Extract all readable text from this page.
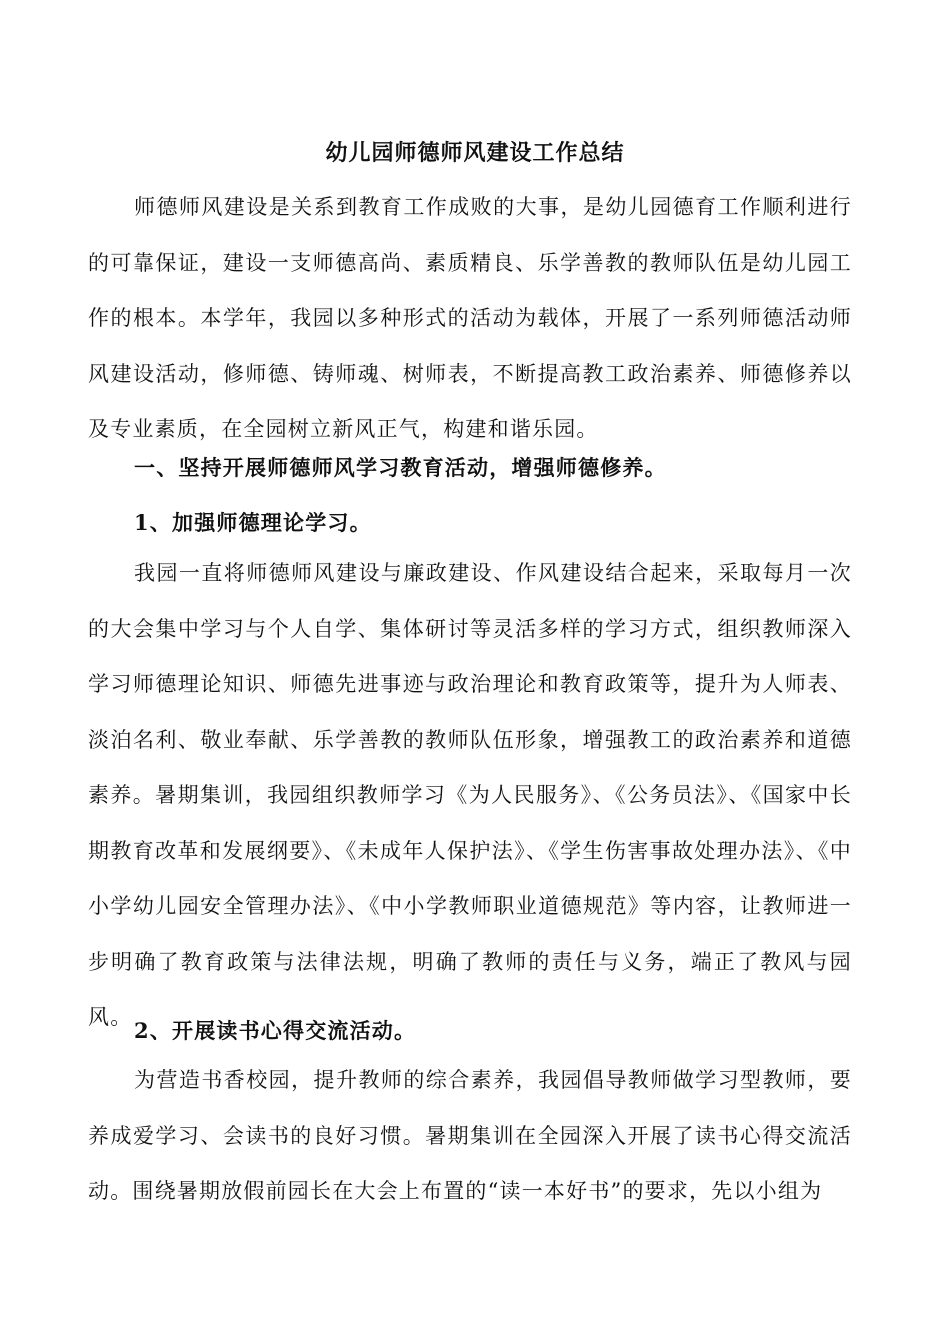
幼儿园师德师风建设工作总结
师德师风建设是关系到教育工作成败的大事，是幼儿园德育工作顺利进行的可靠保证，建设一支师德高尚、素质精良、乐学善教的教师队伍是幼儿园工作的根本。本学年，我园以多种形式的活动为载体，开展了一系列师德活动师风建设活动，修师德、铸师魂、树师表，不断提高教工政治素养、师德修养以及专业素质，在全园树立新风正气，构建和谐乐园。
一、坚持开展师德师风学习教育活动，增强师德修养。
1、加强师德理论学习。
我园一直将师德师风建设与廉政建设、作风建设结合起来，采取每月一次的大会集中学习与个人自学、集体研讨等灵活多样的学习方式，组织教师深入学习师德理论知识、师德先进事迹与政治理论和教育政策等，提升为人师表、淡泊名利、敬业奉献、乐学善教的教师队伍形象，增强教工的政治素养和道德素养。暑期集训，我园组织教师学习《为人民服务》、《公务员法》、《国家中长期教育改革和发展纲要》、《未成年人保护法》、《学生伤害事故处理办法》、《中小学幼儿园安全管理办法》、《中小学教师职业道德规范》等内容，让教师进一步明确了教育政策与法律法规，明确了教师的责任与义务，端正了教风与园风。
2、开展读书心得交流活动。
为营造书香校园，提升教师的综合素养，我园倡导教师做学习型教师，要养成爱学习、会读书的良好习惯。暑期集训在全园深入开展了读书心得交流活动。围绕暑期放假前园长在大会上布置的“读一本好书”的要求，先以小组为
